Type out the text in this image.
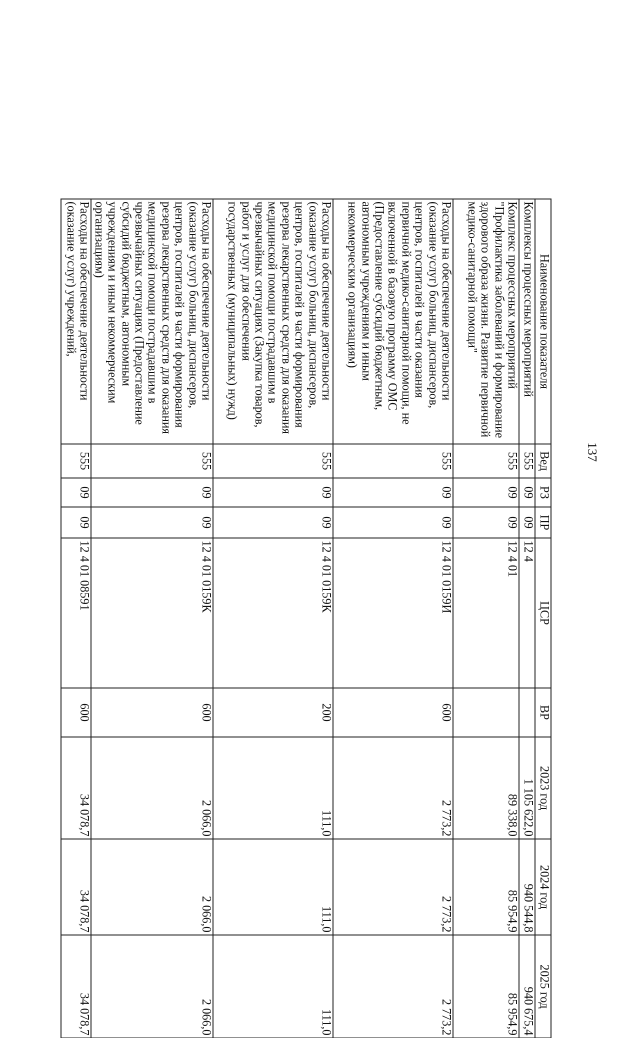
137
Наименование показателя	Вед	РЗ	ПР	ЦСР	ВР	2023 год	2024 год	2025 год
Комплексы процессных мероприятий	555	09	09	12 4		1 105 622,0	940 544,8	940 675,4
Комплекс процессных мероприятий "Профилактика заболеваний и формирование здорового образа жизни. Развитие первичной медико-санитарной помощи"	555	09	09	12 4 01		89 338,0	85 954,9	85 954,9
Расходы на обеспечение деятельности (оказание услуг) больниц, диспансеров, центров, госпиталей в части оказания первичной медико-санитарной помощи, не включенной в базовую программу ОМС (Предоставление субсидий бюджетным, автономным учреждениям и иным некоммерческим организациям)	555	09	09	12 4 01 0159И	600	2 773,2	2 773,2	2 773,2
Расходы на обеспечение деятельности (оказание услуг) больниц, диспансеров, центров, госпиталей в части формирования резерва лекарственных средств для оказания медицинской помощи пострадавшим в чрезвычайных ситуациях (Закупка товаров, работ и услуг для обеспечения государственных (муниципальных) нужд)	555	09	09	12 4 01 0159К	200	111,0	111,0	111,0
Расходы на обеспечение деятельности (оказание услуг) больниц, диспансеров, центров, госпиталей в части формирования резерва лекарственных средств для оказания медицинской помощи пострадавшим в чрезвычайных ситуациях (Предоставление субсидий бюджетным, автономным учреждениям и иным некоммерческим организациям)	555	09	09	12 4 01 0159К	600	2 066,0	2 066,0	2 066,0
Расходы на обеспечение деятельности (оказание услуг) учреждений,	555	09	09	12 4 01 08591	600	34 078,7	34 078,7	34 078,7
